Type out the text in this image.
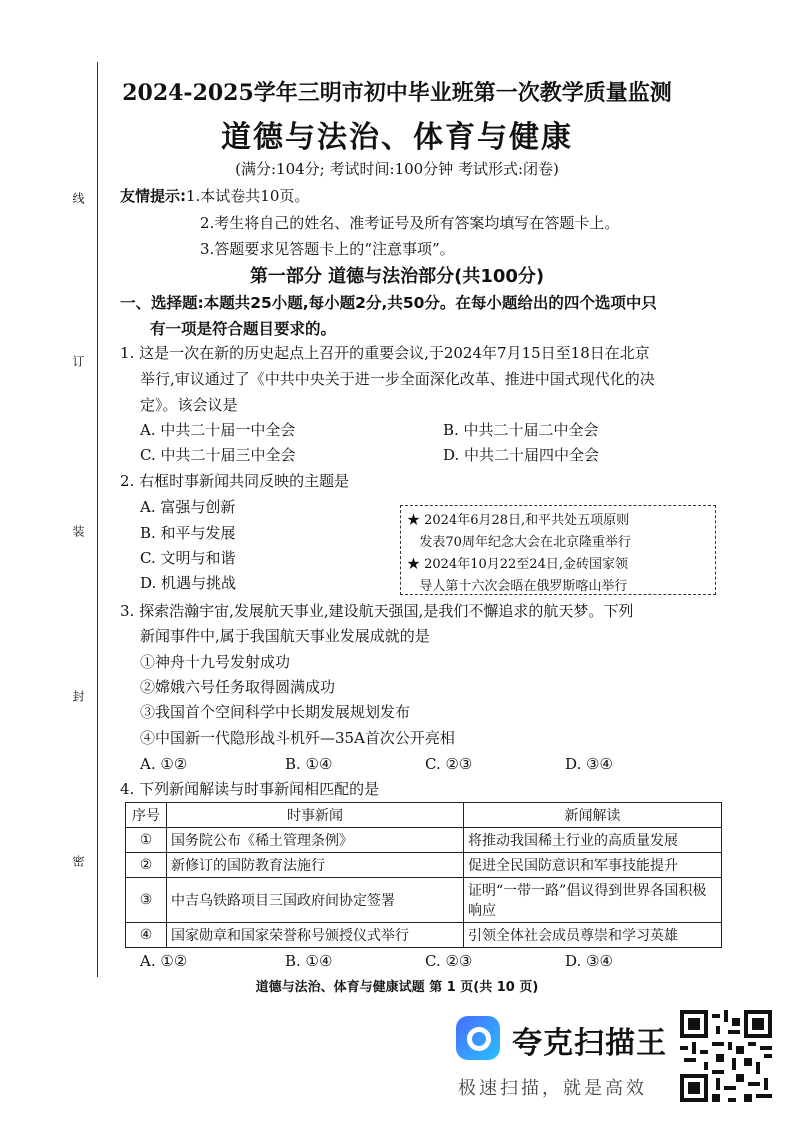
线
订
装
封
密
2024-2025学年三明市初中毕业班第一次教学质量监测
道德与法治、体育与健康
(满分:104分; 考试时间:100分钟 考试形式:闭卷)
友情提示:1.本试卷共10页。
2.考生将自己的姓名、准考证号及所有答案均填写在答题卡上。
3.答题要求见答题卡上的“注意事项”。
第一部分 道德与法治部分(共100分)
一、选择题:本题共25小题,每小题2分,共50分。在每小题给出的四个选项中只
有一项是符合题目要求的。
1. 这是一次在新的历史起点上召开的重要会议,于2024年7月15日至18日在北京
举行,审议通过了《中共中央关于进一步全面深化改革、推进中国式现代化的决
定》。该会议是
A. 中共二十届一中全会	B. 中共二十届二中全会
C. 中共二十届三中全会	D. 中共二十届四中全会
2. 右框时事新闻共同反映的主题是
A. 富强与创新
B. 和平与发展
C. 文明与和谐
D. 机遇与挑战
★ 2024年6月28日,和平共处五项原则
发表70周年纪念大会在北京隆重举行
★ 2024年10月22至24日,金砖国家领
导人第十六次会晤在俄罗斯喀山举行
3. 探索浩瀚宇宙,发展航天事业,建设航天强国,是我们不懈追求的航天梦。下列
新闻事件中,属于我国航天事业发展成就的是
①神舟十九号发射成功
②嫦娥六号任务取得圆满成功
③我国首个空间科学中长期发展规划发布
④中国新一代隐形战斗机歼—35A首次公开亮相
A. ①②	B. ①④	C. ②③	D. ③④
4. 下列新闻解读与时事新闻相匹配的是
序号	时事新闻	新闻解读
①	国务院公布《稀土管理条例》	将推动我国稀土行业的高质量发展
②	新修订的国防教育法施行	促进全民国防意识和军事技能提升
③	中吉乌铁路项目三国政府间协定签署	证明“一带一路”倡议得到世界各国积极响应
④	国家勋章和国家荣誉称号颁授仪式举行	引领全体社会成员尊崇和学习英雄
A. ①②	B. ①④	C. ②③	D. ③④
道德与法治、体育与健康试题 第 1 页(共 10 页)
夸克扫描王
极速扫描，就是高效
